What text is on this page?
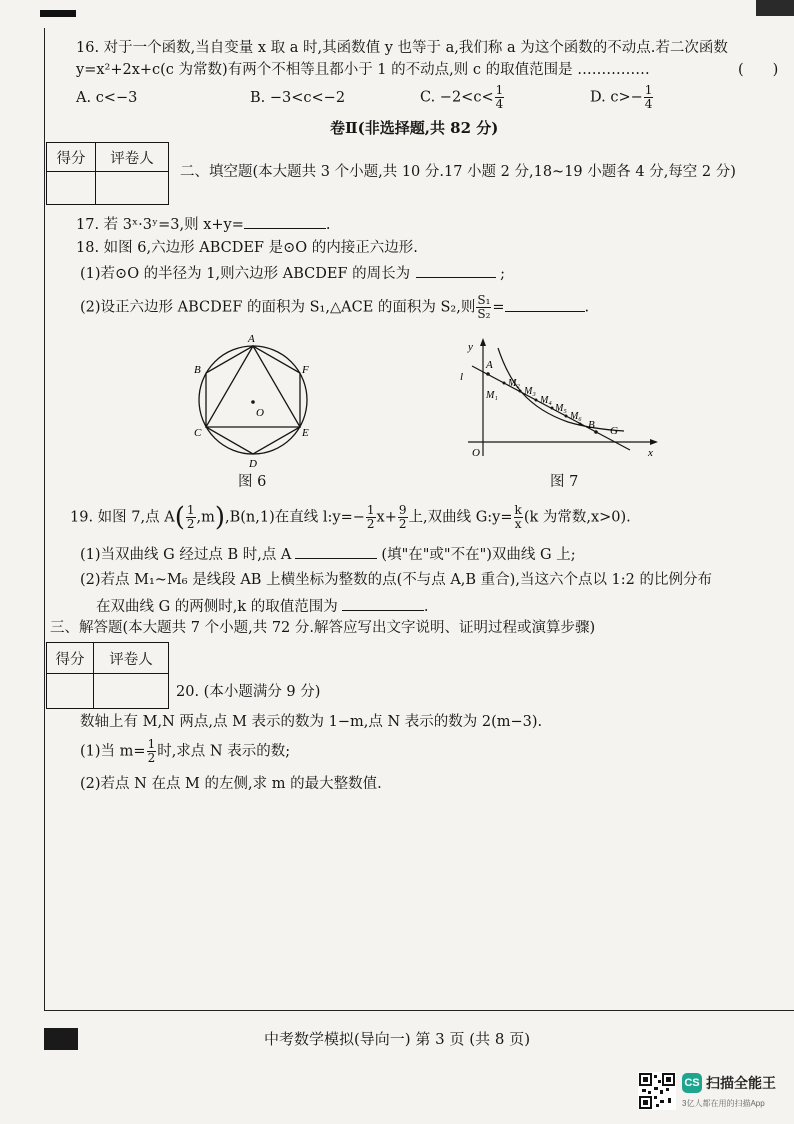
16. 对于一个函数,当自变量 x 取 a 时,其函数值 y 也等于 a,我们称 a 为这个函数的不动点.若二次函数
y=x²+2x+c(c 为常数)有两个不相等且都小于 1 的不动点,则 c 的取值范围是 ……………	(　　)
A. c<−3	B. −3<c<−2	C. $-2<c< \frac{1}{4}$	D. $c>- \frac{1}{4}$
卷Ⅱ(非选择题,共 82 分)
得分	评卷人

二、填空题(本大题共 3 个小题,共 10 分.17 小题 2 分,18~19 小题各 4 分,每空 2 分)
17. 若 3ˣ·3ʸ=3,则 x+y=	.
18. 如图 6,六边形 ABCDEF 是⊙O 的内接正六边形.
(1)若⊙O 的半径为 1,则六边形 ABCDEF 的周长为	;
(2)设正六边形 ABCDEF 的面积为 S₁,△ACE 的面积为 S₂,则 $\frac{\text{S₁}}{\text{S₂}}$ =	.
A
B
C
D
E
F
O
图 6
y
x
O
l
A
M₁
M₂
M₃
M₄
M₅
M₆
B G
图 7
19. 如图 7,点 $A( \frac{1}{2} ,m),B(n,1)$在直线 l:y=− $\frac{1}{2} x+ \frac{9}{2}$ 上,双曲线 G:y= $\frac{k}{x} (k$ 为常数,x>0).
(1)当双曲线 G 经过点 B 时,点 A	(填"在"或"不在")双曲线 G 上;
(2)若点 M₁~M₆ 是线段 AB 上横坐标为整数的点(不与点 A,B 重合),当这六个点以 1:2 的比例分布
在双曲线 G 的两侧时,k 的取值范围为	.
三、解答题(本大题共 7 个小题,共 72 分.解答应写出文字说明、证明过程或演算步骤)
得分	评卷人

20. (本小题满分 9 分)
数轴上有 M,N 两点,点 M 表示的数为 1−m,点 N 表示的数为 2(m−3).
(1)当 $m= \frac{1}{2}$ 时,求点 N 表示的数;
(2)若点 N 在点 M 的左侧,求 m 的最大整数值.
中考数学模拟(导向一) 第 3 页 (共 8 页)
CS 扫描全能王
3亿人都在用的扫描App
